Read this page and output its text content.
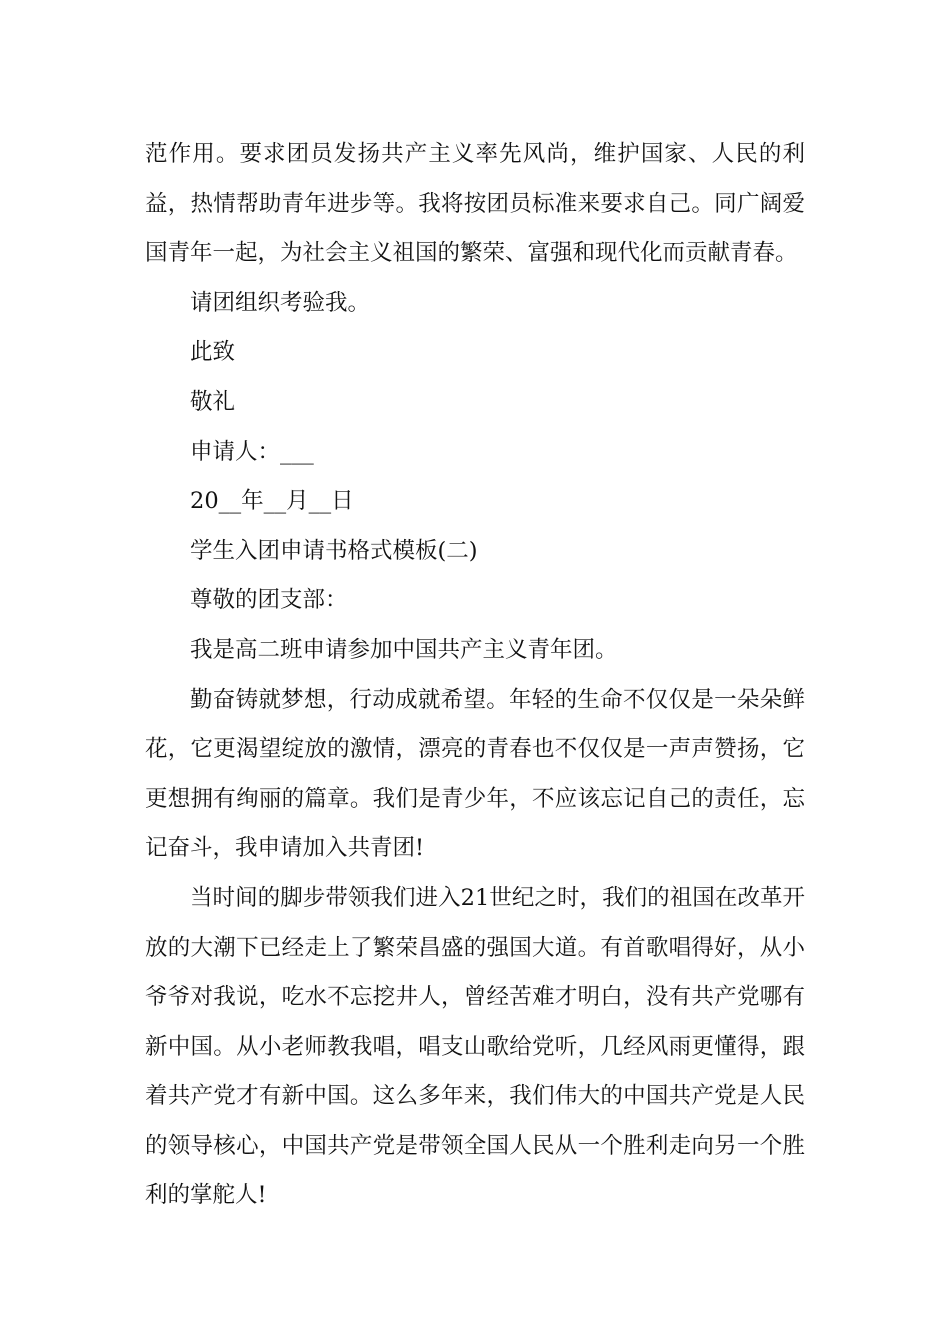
范作用。要求团员发扬共产主义率先风尚，维护国家、人民的利益，热情帮助青年进步等。我将按团员标准来要求自己。同广阔爱国青年一起，为社会主义祖国的繁荣、富强和现代化而贡献青春。

请团组织考验我。

此致

敬礼

申请人：___

20__年__月__日

学生入团申请书格式模板(二)

尊敬的团支部：

我是高二班申请参加中国共产主义青年团。

勤奋铸就梦想，行动成就希望。年轻的生命不仅仅是一朵朵鲜花，它更渴望绽放的激情，漂亮的青春也不仅仅是一声声赞扬，它更想拥有绚丽的篇章。我们是青少年，不应该忘记自己的责任，忘记奋斗，我申请加入共青团!

当时间的脚步带领我们进入21世纪之时，我们的祖国在改革开放的大潮下已经走上了繁荣昌盛的强国大道。有首歌唱得好，从小爷爷对我说，吃水不忘挖井人，曾经苦难才明白，没有共产党哪有新中国。从小老师教我唱，唱支山歌给党听，几经风雨更懂得，跟着共产党才有新中国。这么多年来，我们伟大的中国共产党是人民的领导核心，中国共产党是带领全国人民从一个胜利走向另一个胜利的掌舵人!
